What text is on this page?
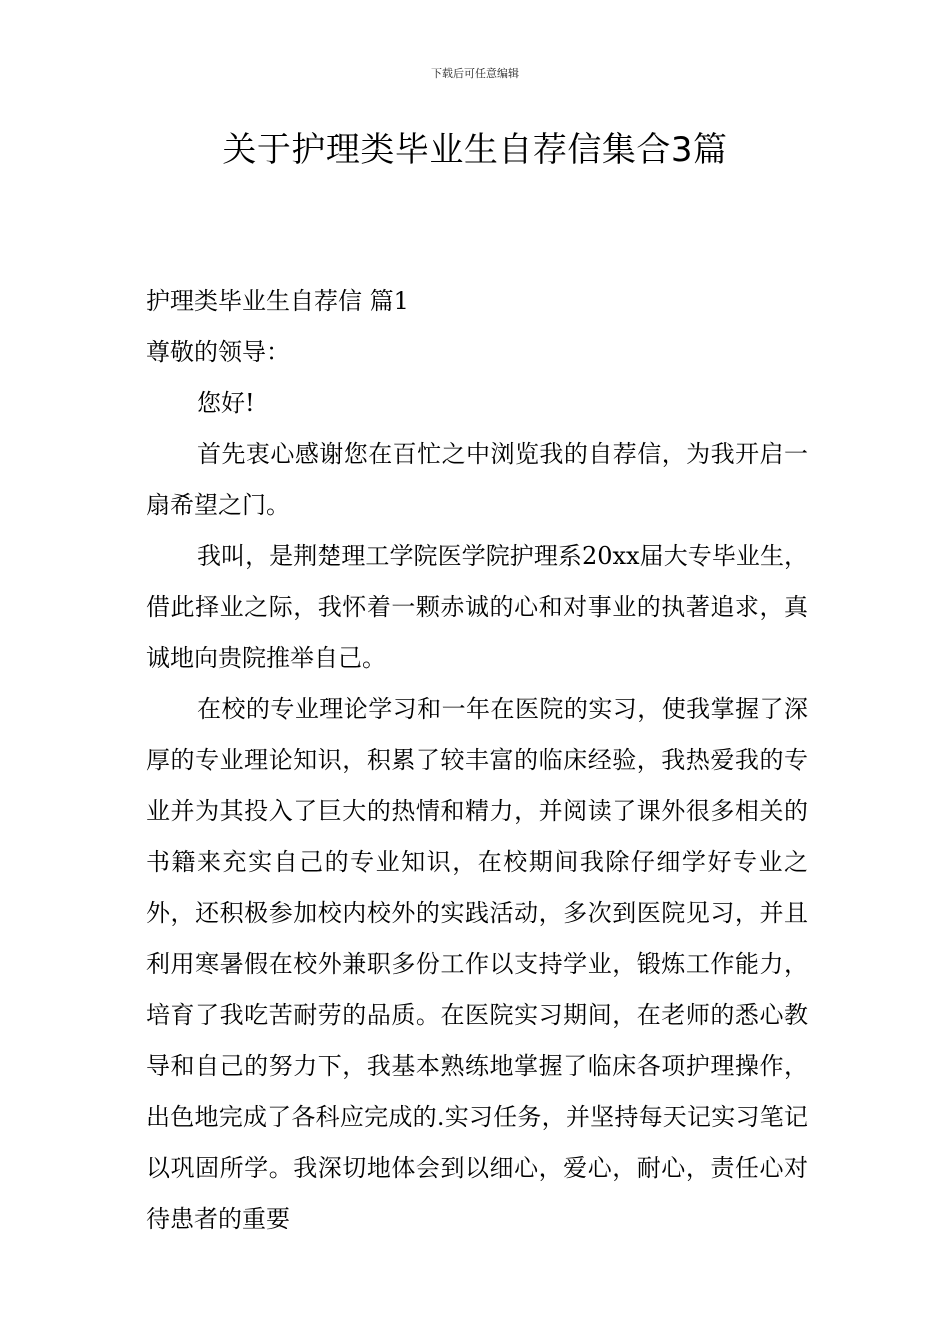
下载后可任意编辑
关于护理类毕业生自荐信集合3篇

护理类毕业生自荐信 篇1

尊敬的领导：

您好!

首先衷心感谢您在百忙之中浏览我的自荐信，为我开启一扇希望之门。

我叫，是荆楚理工学院医学院护理系20xx届大专毕业生，借此择业之际，我怀着一颗赤诚的心和对事业的执著追求，真诚地向贵院推举自己。

在校的专业理论学习和一年在医院的实习，使我掌握了深厚的专业理论知识，积累了较丰富的临床经验，我热爱我的专业并为其投入了巨大的热情和精力，并阅读了课外很多相关的书籍来充实自己的专业知识，在校期间我除仔细学好专业之外，还积极参加校内校外的实践活动，多次到医院见习，并且利用寒暑假在校外兼职多份工作以支持学业，锻炼工作能力，培育了我吃苦耐劳的品质。在医院实习期间，在老师的悉心教导和自己的努力下，我基本熟练地掌握了临床各项护理操作，出色地完成了各科应完成的.实习任务，并坚持每天记实习笔记以巩固所学。我深切地体会到以细心，爱心，耐心，责任心对待患者的重要
